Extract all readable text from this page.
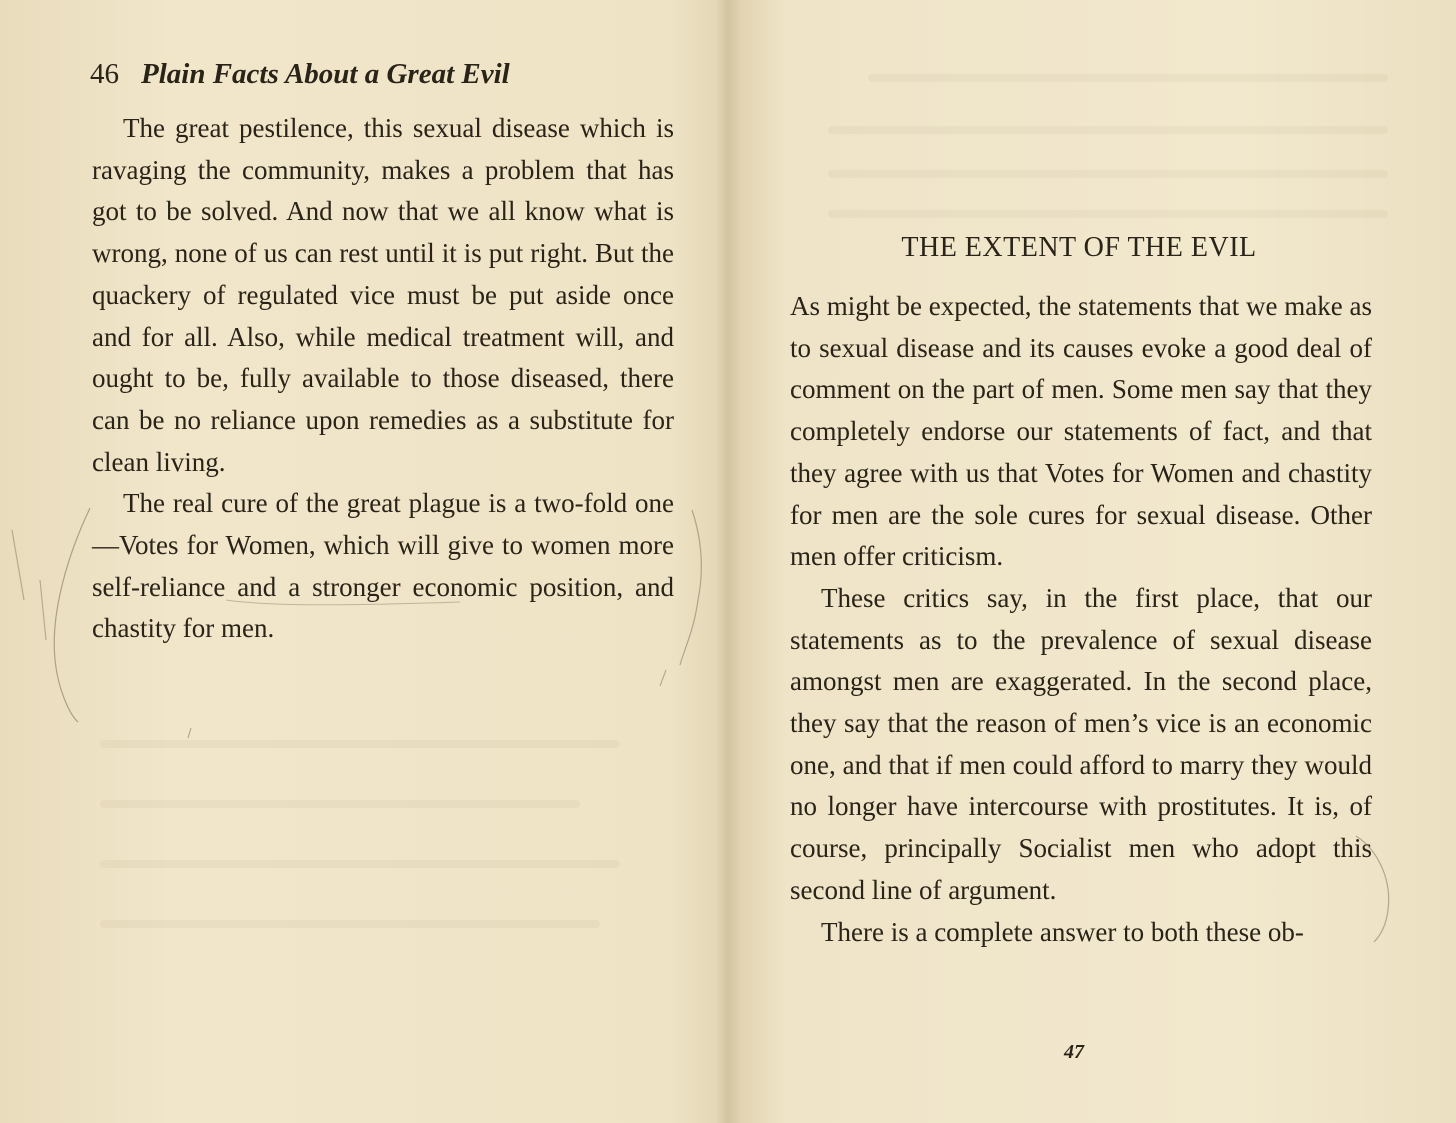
46 Plain Facts About a Great Evil

The great pestilence, this sexual disease which is ravaging the community, makes a problem that has got to be solved. And now that we all know what is wrong, none of us can rest until it is put right. But the quackery of regulated vice must be put aside once and for all. Also, while medical treatment will, and ought to be, fully available to those diseased, there can be no reliance upon remedies as a substitute for clean living.

The real cure of the great plague is a two-fold one—Votes for Women, which will give to women more self-reliance and a stronger economic position, and chastity for men.

THE EXTENT OF THE EVIL

As might be expected, the statements that we make as to sexual disease and its causes evoke a good deal of comment on the part of men. Some men say that they completely endorse our statements of fact, and that they agree with us that Votes for Women and chastity for men are the sole cures for sexual disease. Other men offer criticism.

These critics say, in the first place, that our statements as to the prevalence of sexual disease amongst men are exaggerated. In the second place, they say that the reason of men’s vice is an economic one, and that if men could afford to marry they would no longer have intercourse with prostitutes. It is, of course, principally Socialist men who adopt this second line of argument.

There is a complete answer to both these ob-

47
